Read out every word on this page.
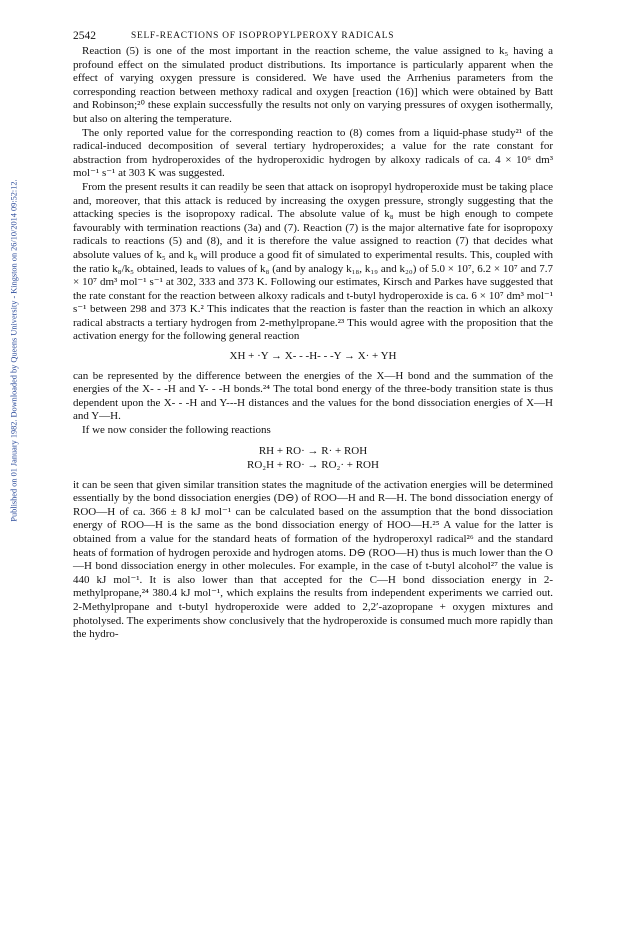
Published on 01 January 1982. Downloaded by Queens University - Kingston on 26/10/2014 09:52:12.
2542	SELF-REACTIONS OF ISOPROPYLPEROXY RADICALS

Reaction (5) is one of the most important in the reaction scheme, the value assigned to k₅ having a profound effect on the simulated product distributions. Its importance is particularly apparent when the effect of varying oxygen pressure is considered. We have used the Arrhenius parameters from the corresponding reaction between methoxy radical and oxygen [reaction (16)] which were obtained by Batt and Robinson;²⁰ these explain successfully the results not only on varying pressures of oxygen isothermally, but also on altering the temperature.

The only reported value for the corresponding reaction to (8) comes from a liquid-phase study²¹ of the radical-induced decomposition of several tertiary hydroperoxides; a value for the rate constant for abstraction from hydroperoxides of the hydroperoxidic hydrogen by alkoxy radicals of ca. 4 × 10⁶ dm³ mol⁻¹ s⁻¹ at 303 K was suggested.

From the present results it can readily be seen that attack on isopropyl hydroperoxide must be taking place and, moreover, that this attack is reduced by increasing the oxygen pressure, strongly suggesting that the attacking species is the isopropoxy radical. The absolute value of k₈ must be high enough to compete favourably with termination reactions (3a) and (7). Reaction (7) is the major alternative fate for isopropoxy radicals to reactions (5) and (8), and it is therefore the value assigned to reaction (7) that decides what absolute values of k₅ and k₈ will produce a good fit of simulated to experimental results. This, coupled with the ratio k₈/k₅ obtained, leads to values of k₈ (and by analogy k₁₈, k₁₉ and k₂₀) of 5.0 × 10⁷, 6.2 × 10⁷ and 7.7 × 10⁷ dm³ mol⁻¹ s⁻¹ at 302, 333 and 373 K. Following our estimates, Kirsch and Parkes have suggested that the rate constant for the reaction between alkoxy radicals and t-butyl hydroperoxide is ca. 6 × 10⁷ dm³ mol⁻¹ s⁻¹ between 298 and 373 K.² This indicates that the reaction is faster than the reaction in which an alkoxy radical abstracts a tertiary hydrogen from 2-methylpropane.²³ This would agree with the proposition that the activation energy for the following general reaction

XH + ·Y → X- - -H- - -Y → X· + YH

can be represented by the difference between the energies of the X—H bond and the summation of the energies of the X- - -H and Y- - -H bonds.²⁴ The total bond energy of the three-body transition state is thus dependent upon the X- - -H and Y---H distances and the values for the bond dissociation energies of X—H and Y—H.

If we now consider the following reactions

RH + RO· → R· + ROH
RO₂H + RO· → RO₂· + ROH

it can be seen that given similar transition states the magnitude of the activation energies will be determined essentially by the bond dissociation energies (D⊖) of ROO—H and R—H. The bond dissociation energy of ROO—H of ca. 366 ± 8 kJ mol⁻¹ can be calculated based on the assumption that the bond dissociation energy of ROO—H is the same as the bond dissociation energy of HOO—H.²⁵ A value for the latter is obtained from a value for the standard heats of formation of the hydroperoxyl radical²⁶ and the standard heats of formation of hydrogen peroxide and hydrogen atoms. D⊖ (ROO—H) thus is much lower than the O—H bond dissociation energy in other molecules. For example, in the case of t-butyl alcohol²⁷ the value is 440 kJ mol⁻¹. It is also lower than that accepted for the C—H bond dissociation energy in 2-methylpropane,²⁴ 380.4 kJ mol⁻¹, which explains the results from independent experiments we carried out. 2-Methylpropane and t-butyl hydroperoxide were added to 2,2′-azopropane + oxygen mixtures and photolysed. The experiments show conclusively that the hydroperoxide is consumed much more rapidly than the hydro-
